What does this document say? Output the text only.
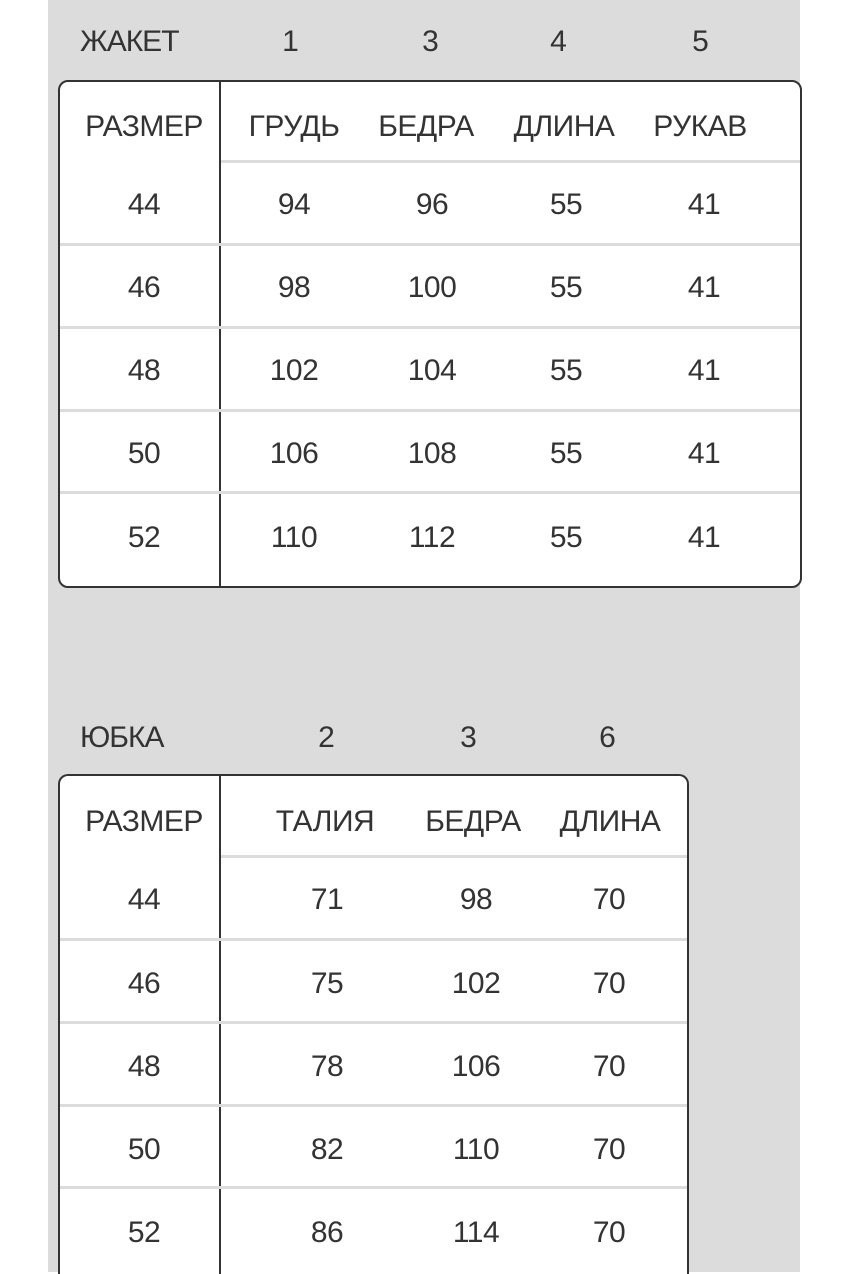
ЖАКЕТ	1	3	4	5
РАЗМЕР ГРУДЬ БЕДРА ДЛИНА РУКАВ
44	94	96	55	41
46	98	100	55	41
48	102	104	55	41
50	106	108	55	41
52	110	112	55	41
ЮБКА	2	3	6
РАЗМЕР ТАЛИЯ БЕДРА ДЛИНА
44	71	98	70
46	75	102	70
48	78	106	70
50	82	110	70
52	86	114	70
